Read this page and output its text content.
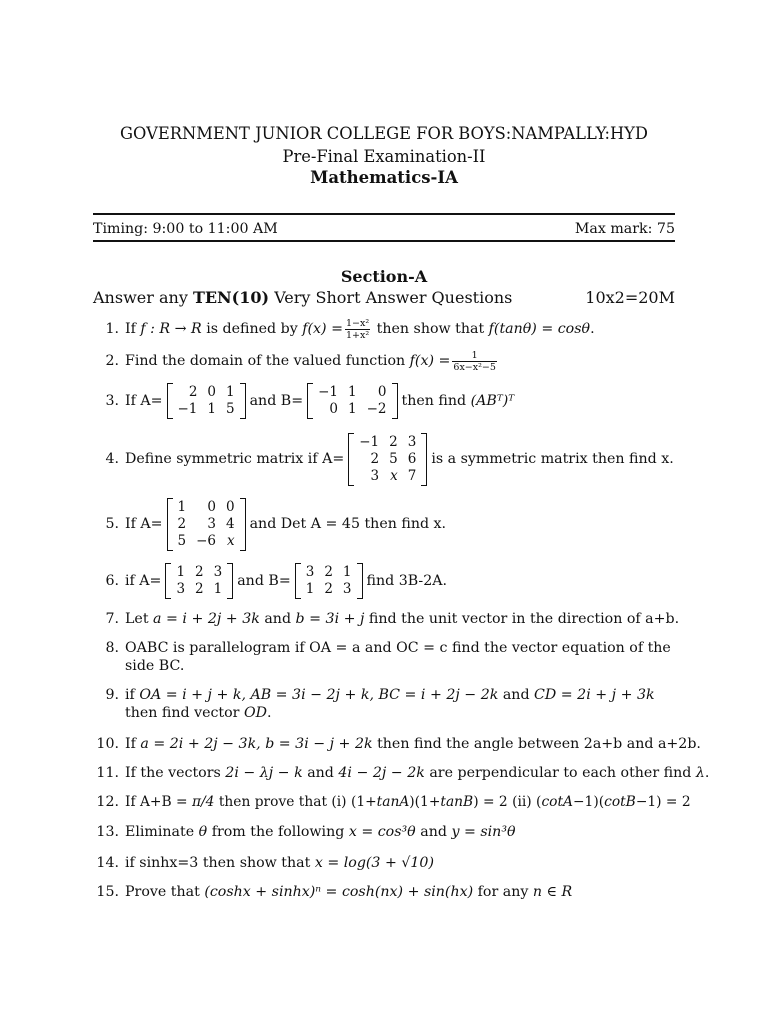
GOVERNMENT JUNIOR COLLEGE FOR BOYS:NAMPALLY:HYD
Pre-Final Examination-II
Mathematics-IA
Timing: 9:00 to 11:00 AM	Max mark: 75
Section-A
Answer any TEN(10) Very Short Answer Questions	10x2=20M
1. If
f : R → R
is defined by
$f(x) = \frac{\text{1−x²}}{\text{1+x²}}$
then show that
f(tanθ) = cosθ .
2. Find the domain of the valued function
$f(x) = \frac{1}{\text{6x−x²−5}}$
3. If A=
2 0 1
−1 1 5	and B=
−1 1	0
0 1 −2	then find
(ABᵀ)ᵀ
4. Define symmetric matrix if A=
−1 2 3
2 5 6
3 x 7
is a symmetric matrix then find x.
5. If A=
1	0 0
2	3 4
5 −6 x
and Det A = 45 then find x.
6. if A=
1 2 3
3 2 1	and B=
3 2 1
1 2 3	find 3B-2A.
7. Let
a = i + 2j + 3k
and
b = 3i + j
find the unit vector in the direction of a+b.
8. OABC is parallelogram if OA = a and OC = c find the vector equation of the side BC.
9. if OA = i + j + k, AB = 3i − 2j + k, BC = i + 2j − 2k and CD = 2i + j + 3k then find vector OD.
10. If
a = 2i + 2j − 3k, b = 3i − j + 2k
then find the angle between 2a+b and a+2b.
11. If the vectors
2i − λj − k
and
4i − 2j − 2k
are perpendicular to each other find
λ .
12. If A+B =
π/4
then prove that (i) (1+ tanA )(1+ tanB ) = 2 (ii) ( cotA −1)( cotB −1) = 2
13. Eliminate
θ
from the following
x = cos³θ
and
y = sin³θ
14. if sinhx=3 then show that
x = log(3 + √10)
15. Prove that
(coshx + sinhx)ⁿ = cosh(nx) + sin(hx)
for any
n ∈ R
